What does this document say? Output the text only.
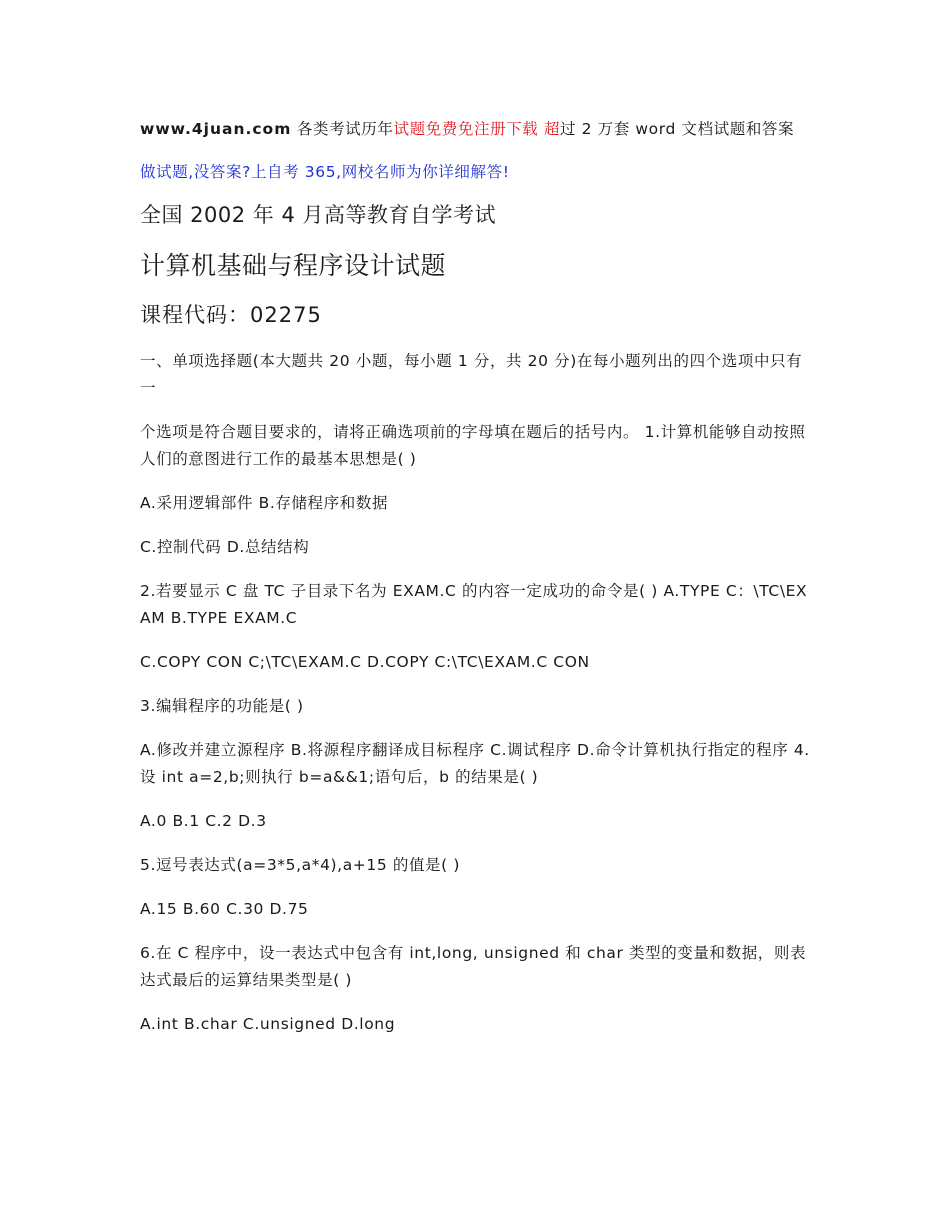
www.4juan.com 各类考试历年试题免费免注册下载 超过 2 万套 word 文档试题和答案

做试题,没答案?上自考 365,网校名师为你详细解答!

全国 2002 年 4 月高等教育自学考试
计算机基础与程序设计试题
课程代码：02275

一、单项选择题(本大题共 20 小题，每小题 1 分，共 20 分)在每小题列出的四个选项中只有一

个选项是符合题目要求的，请将正确选项前的字母填在题后的括号内。 1.计算机能够自动按照人们的意图进行工作的最基本思想是( )

A.采用逻辑部件 B.存储程序和数据

C.控制代码 D.总结结构

2.若要显示 C 盘 TC 子目录下名为 EXAM.C 的内容一定成功的命令是( ) A.TYPE C：\TC\EXAM B.TYPE EXAM.C

C.COPY CON C;\TC\EXAM.C D.COPY C:\TC\EXAM.C CON

3.编辑程序的功能是( )

A.修改并建立源程序 B.将源程序翻译成目标程序 C.调试程序 D.命令计算机执行指定的程序 4.设 int a=2,b;则执行 b=a&&1;语句后，b 的结果是( )

A.0 B.1 C.2 D.3

5.逗号表达式(a=3*5,a*4),a+15 的值是( )

A.15 B.60 C.30 D.75

6.在 C 程序中，设一表达式中包含有 int,long, unsigned 和 char 类型的变量和数据，则表达式最后的运算结果类型是( )

A.int B.char C.unsigned D.long
